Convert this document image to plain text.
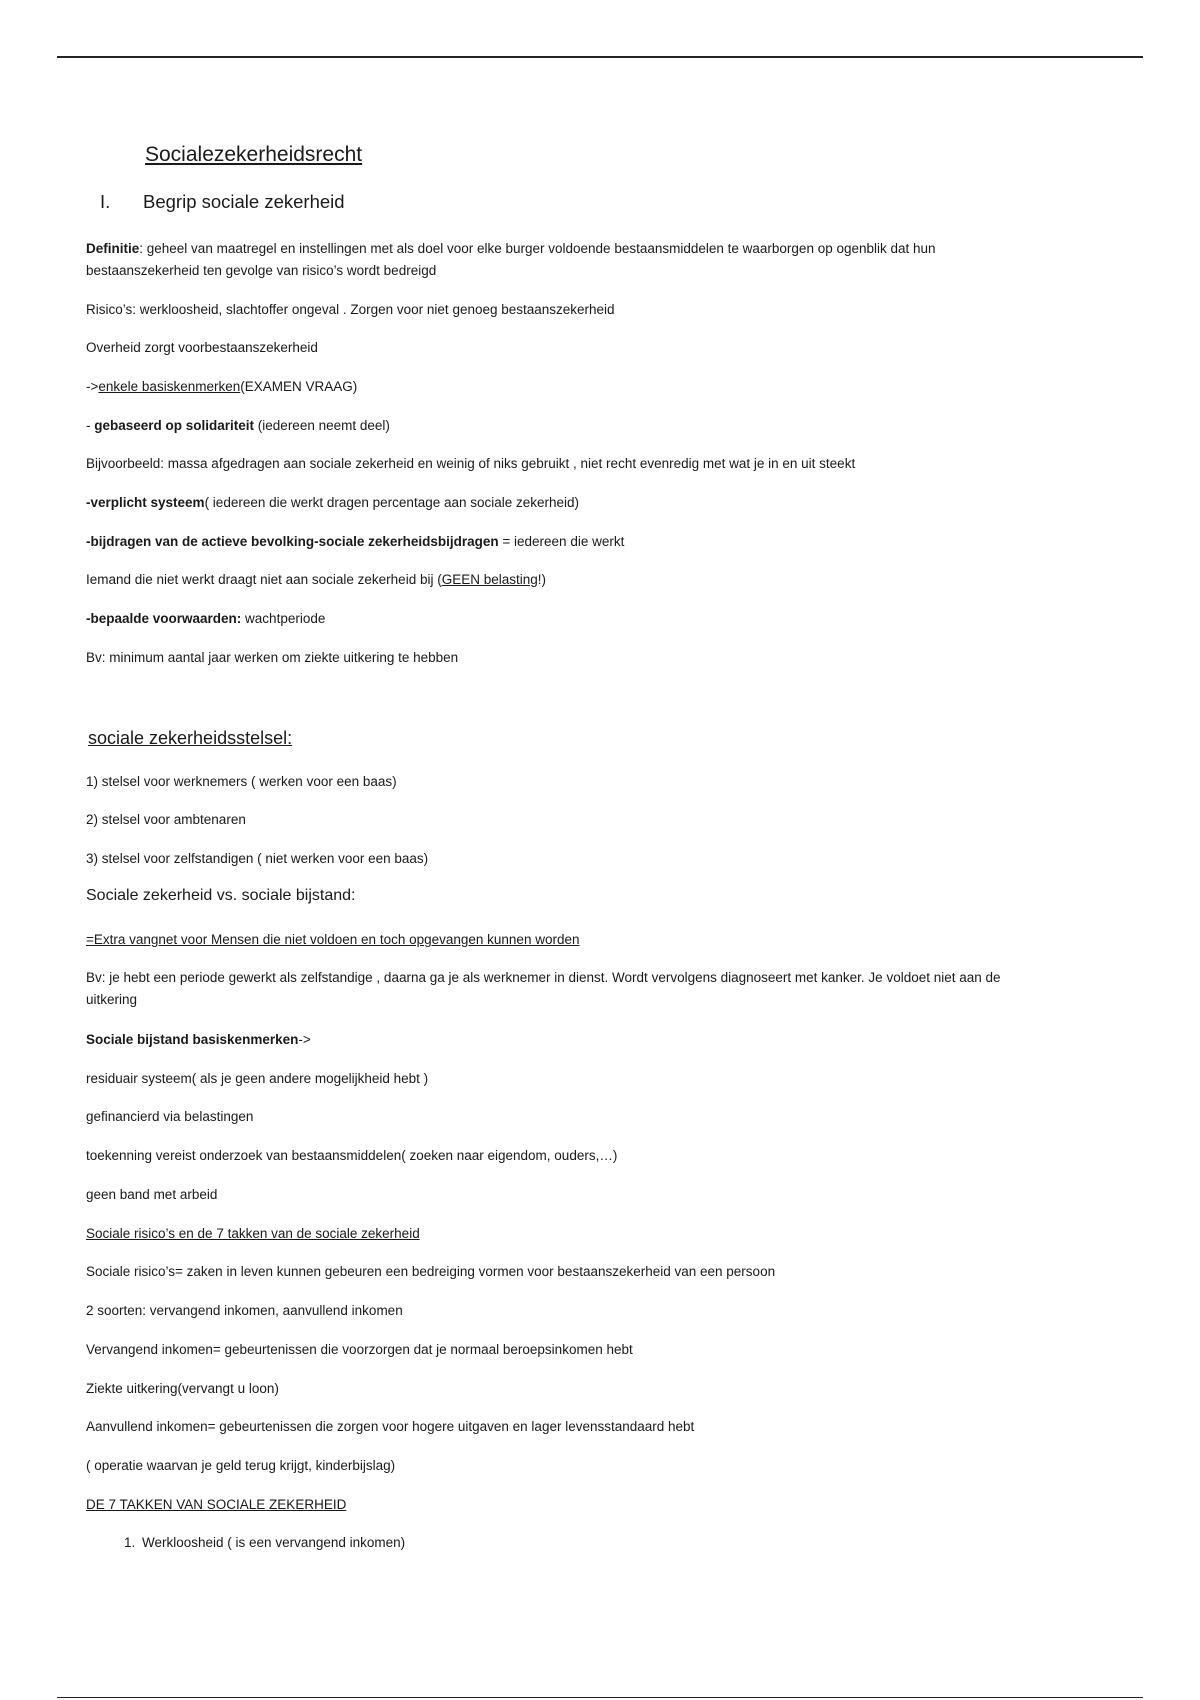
Socialezekerheidsrecht
I. Begrip sociale zekerheid
Definitie: geheel van maatregel en instellingen met als doel voor elke burger voldoende bestaansmiddelen te waarborgen op ogenblik dat hun bestaanszekerheid ten gevolge van risico’s wordt bedreigd
Risico’s: werkloosheid, slachtoffer ongeval . Zorgen voor niet genoeg bestaanszekerheid
Overheid zorgt voorbestaanszekerheid
->enkele basiskenmerken(EXAMEN VRAAG)
- gebaseerd op solidariteit (iedereen neemt deel)
Bijvoorbeeld: massa afgedragen aan sociale zekerheid en weinig of niks gebruikt , niet recht evenredig met wat je in en uit steekt
-verplicht systeem( iedereen die werkt dragen percentage aan sociale zekerheid)
-bijdragen van de actieve bevolking-sociale zekerheidsbijdragen = iedereen die werkt
Iemand die niet werkt draagt niet aan sociale zekerheid bij (GEEN belasting!)
-bepaalde voorwaarden: wachtperiode
Bv: minimum aantal jaar werken om ziekte uitkering te hebben
sociale zekerheidsstelsel:
1) stelsel voor werknemers ( werken voor een baas)
2) stelsel voor ambtenaren
3) stelsel voor zelfstandigen ( niet werken voor een baas)
Sociale zekerheid vs. sociale bijstand:
=Extra vangnet voor Mensen die niet voldoen en toch opgevangen kunnen worden
Bv: je hebt een periode gewerkt als zelfstandige , daarna ga je als werknemer in dienst. Wordt vervolgens diagnoseert met kanker. Je voldoet niet aan de uitkering
Sociale bijstand basiskenmerken->
residuair systeem( als je geen andere mogelijkheid hebt )
gefinancierd via belastingen
toekenning vereist onderzoek van bestaansmiddelen( zoeken naar eigendom, ouders,…)
geen band met arbeid
Sociale risico’s en de 7 takken van de sociale zekerheid
Sociale risico’s= zaken in leven kunnen gebeuren een bedreiging vormen voor bestaanszekerheid van een persoon
2 soorten: vervangend inkomen, aanvullend inkomen
Vervangend inkomen= gebeurtenissen die voorzorgen dat je normaal beroepsinkomen hebt
Ziekte uitkering(vervangt u loon)
Aanvullend inkomen= gebeurtenissen die zorgen voor hogere uitgaven en lager levensstandaard hebt
( operatie waarvan je geld terug krijgt, kinderbijslag)
DE 7 TAKKEN VAN SOCIALE ZEKERHEID
1. Werkloosheid ( is een vervangend inkomen)
